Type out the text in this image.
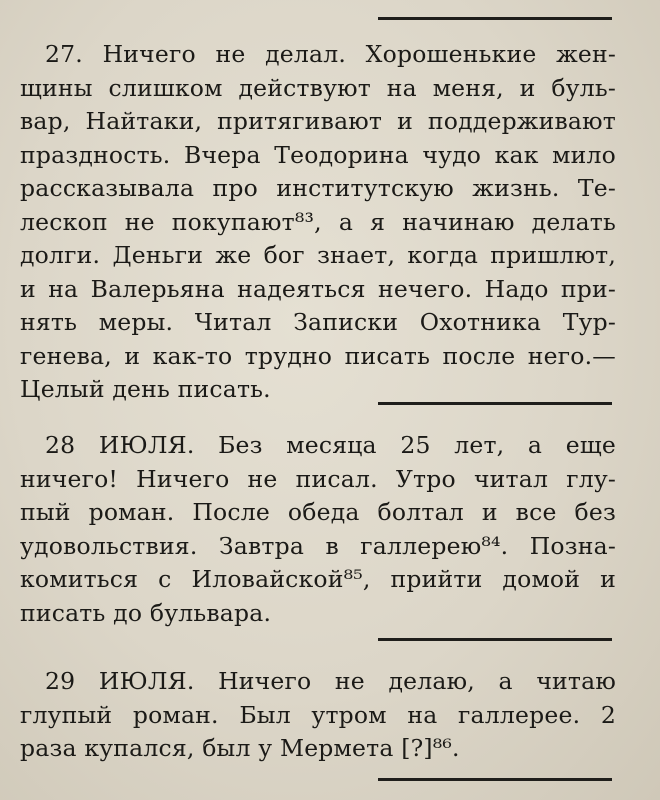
27. Ничего не делал. Хорошенькие жен-
щины слишком действуют на меня, и буль-
вар, Найтаки, притягивают и поддерживают
праздность. Вчера Теодорина чудо как мило
рассказывала про институтскую жизнь. Те-
лескоп не покупают⁸³, а я начинаю делать
долги. Деньги же бог знает, когда пришлют,
и на Валерьяна надеяться нечего. Надо при-
нять меры. Читал Записки Охотника Тур-
генева, и как-то трудно писать после него.—
Целый день писать.
28 ИЮЛЯ. Без месяца 25 лет, а еще
ничего! Ничего не писал. Утро читал глу-
пый роман. После обеда болтал и все без
удовольствия. Завтра в галлерею⁸⁴. Позна-
комиться с Иловайской⁸⁵, прийти домой и
писать до бульвара.
29 ИЮЛЯ. Ничего не делаю, а читаю
глупый роман. Был утром на галлерее. 2
раза купался, был у Мермета [?]⁸⁶.
